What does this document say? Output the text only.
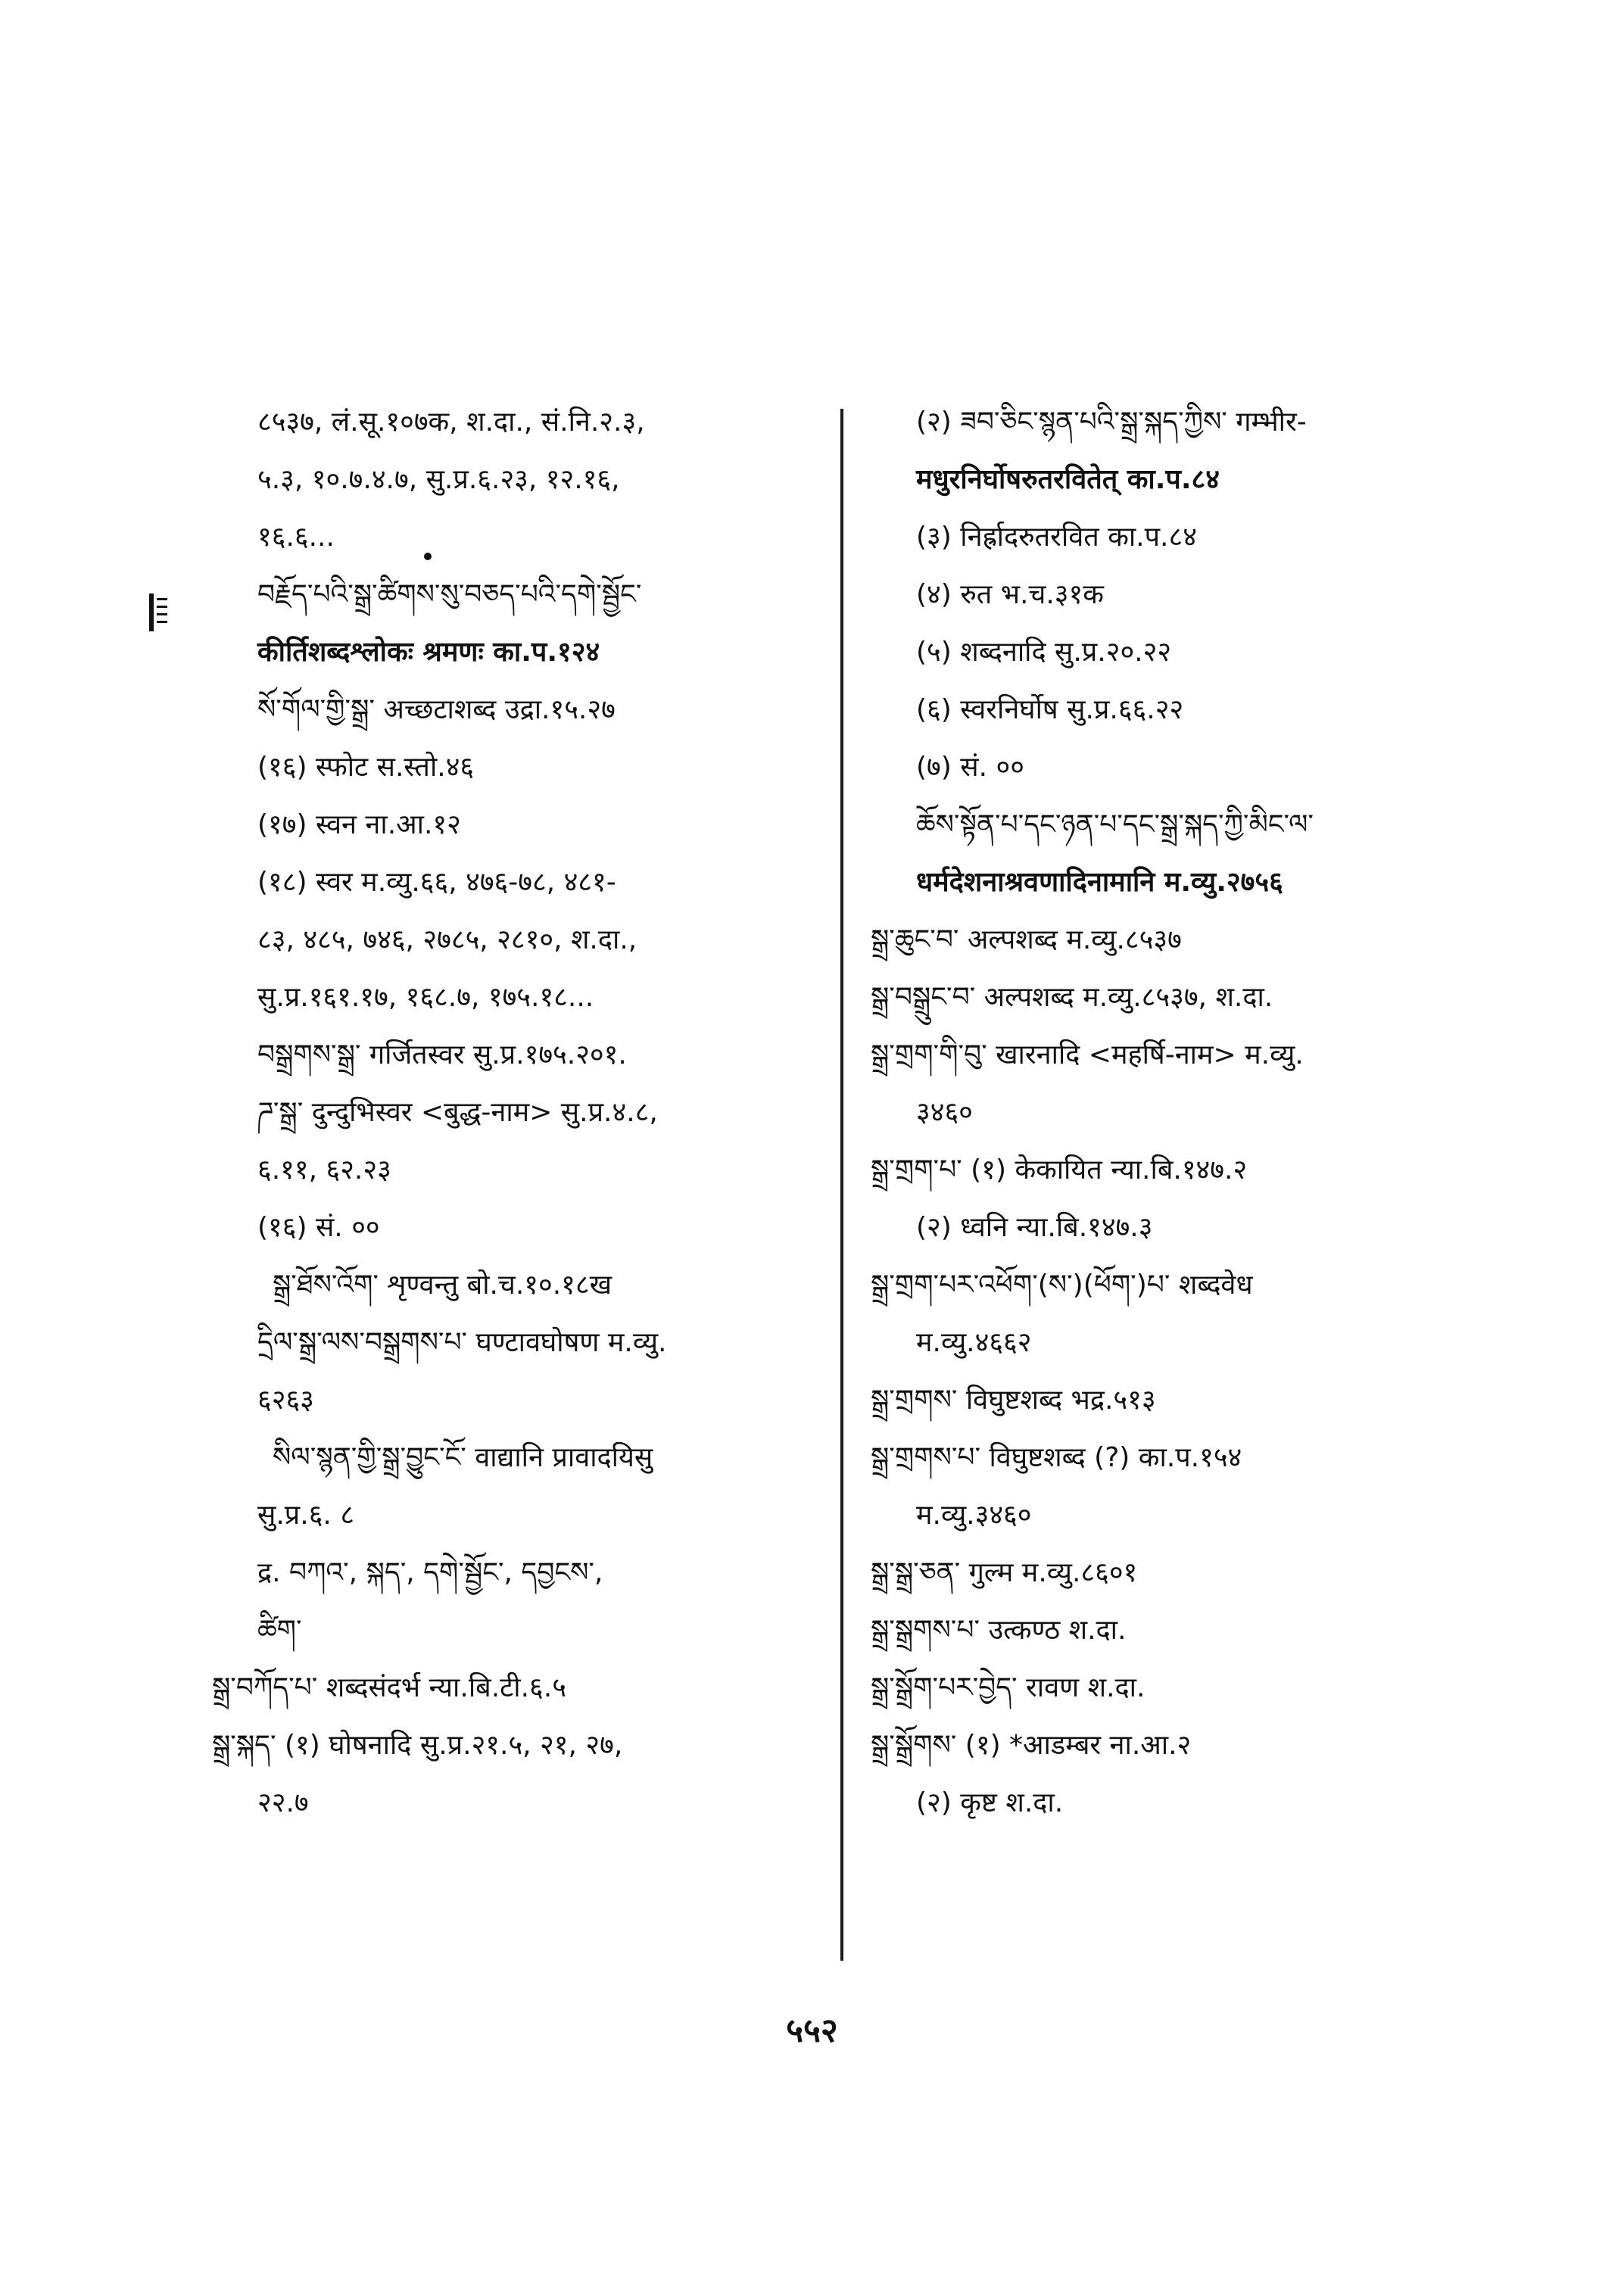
८५३७, लं.सू.१०७क, श.दा., सं.नि.२.३,
५.३, १०.७.४.७, सु.प्र.६.२३, १२.१६,
१६.६...
བརྗོད་པའི་སྒྲ་ཚིགས་སུ་བཅད་པའི་དགེ་སྦྱོང་
कीर्तिशब्दश्लोकः श्रमणः का.प.१२४
སོ་གོལ་གྱི་སྒྲ་ अच्छटाशब्द उद्रा.१५.२७
(१६) स्फोट स.स्तो.४६
(१७) स्वन ना.आ.१२
(१८) स्वर म.व्यु.६६, ४७६-७८, ४८१-
८३, ४८५, ७४६, २७८५, २८१०, श.दा.,
सु.प्र.१६१.१७, १६८.७, १७५.१८...
བསྒྲགས་སྒྲ་ गर्जितस्वर सु.प्र.१७५.२०१.
ཌ་སྒྲ་ दुन्दुभिस्वर <बुद्ध-नाम> सु.प्र.४.८,
६.११, ६२.२३
(१६) सं. ००
སྒྲ་ཐོས་འོག་ शृण्वन्तु बो.च.१०.१८ख
དྲིལ་སྒྲ་ལས་བསྒྲགས་པ་ घण्टावघोषण म.व्यु.
६२६३
སིལ་སྙན་གྱི་སྒྲ་བྱུང་ངོ་ वाद्यानि प्रावादयिसु
सु.प्र.६. ८
द्र. བཀའ་, སྐད་, དགེ་སྦྱོང་, དབྱངས་,
ཚིག་
སྒྲ་བཀོད་པ་ शब्दसंदर्भ न्या.बि.टी.६.५
སྒྲ་སྐད་ (१) घोषनादि सु.प्र.२१.५, २१, २७,
२२.७
(२) ཟབ་ཅིང་སྙན་པའི་སྒྲ་སྐད་ཀྱིས་ गम्भीर-
मधुरनिर्घोषरुतरवितेत् का.प.८४
(३) निर्ह्रादरुतरवित का.प.८४
(४) रुत भ.च.३१क
(५) शब्दनादि सु.प्र.२०.२२
(६) स्वरनिर्घोष सु.प्र.६६.२२
(७) सं. ००
ཆོས་སྟོན་པ་དང་ཉན་པ་དང་སྒྲ་སྐད་ཀྱི་མིང་ལ་
धर्मदेशनाश्रवणादिनामानि म.व्यु.२७५६
སྒྲ་ཆུང་བ་ अल्पशब्द म.व्यु.८५३७
སྒྲ་བསྒྲུང་བ་ अल्पशब्द म.व्यु.८५३७, श.दा.
སྒྲ་གྲག་གི་བུ་ खारनादि <महर्षि-नाम> म.व्यु.
३४६०
སྒྲ་གྲག་པ་ (१) केकायित न्या.बि.१४७.२
(२) ध्वनि न्या.बि.१४७.३
སྒྲ་གྲག་པར་འཕོག་(ས་)(ཕོག་)པ་ शब्दवेध
म.व्यु.४६६२
སྒྲ་གྲགས་ विघुष्टशब्द भद्र.५१३
སྒྲ་གྲགས་པ་ विघुष्टशब्द (?) का.प.१५४
म.व्यु.३४६०
སྒྲ་སྒྲ་ཅན་ गुल्म म.व्यु.८६०१
སྒྲ་སྒྲགས་པ་ उत्कण्ठ श.दा.
སྒྲ་སྒྲོག་པར་བྱེད་ रावण श.दा.
སྒྲ་སྒྲོགས་ (१) *आडम्बर ना.आ.२
(२) कृष्ट श.दा.
५५२
